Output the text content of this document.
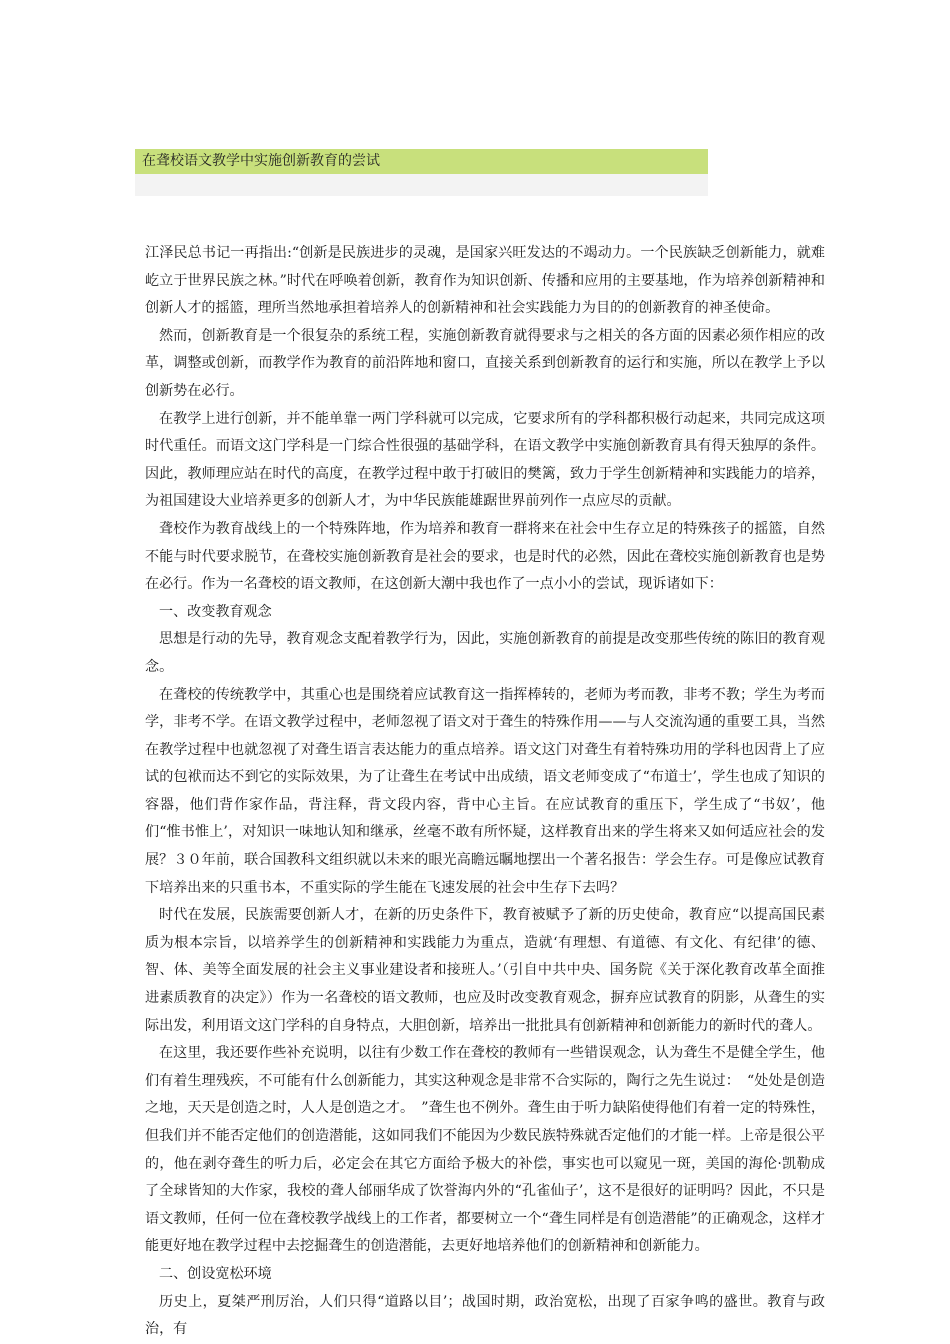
在聋校语文教学中实施创新教育的尝试

江泽民总书记一再指出:“创新是民族进步的灵魂，是国家兴旺发达的不竭动力。一个民族缺乏创新能力，就难屹立于世界民族之林。”时代在呼唤着创新，教育作为知识创新、传播和应用的主要基地，作为培养创新精神和创新人才的摇篮，理所当然地承担着培养人的创新精神和社会实践能力为目的的创新教育的神圣使命。

然而，创新教育是一个很复杂的系统工程，实施创新教育就得要求与之相关的各方面的因素必须作相应的改革，调整或创新，而教学作为教育的前沿阵地和窗口，直接关系到创新教育的运行和实施，所以在教学上予以创新势在必行。

在教学上进行创新，并不能单靠一两门学科就可以完成，它要求所有的学科都积极行动起来，共同完成这项时代重任。而语文这门学科是一门综合性很强的基础学科，在语文教学中实施创新教育具有得天独厚的条件。因此，教师理应站在时代的高度，在教学过程中敢于打破旧的樊篱，致力于学生创新精神和实践能力的培养，为祖国建设大业培养更多的创新人才，为中华民族能雄踞世界前列作一点应尽的贡献。

聋校作为教育战线上的一个特殊阵地，作为培养和教育一群将来在社会中生存立足的特殊孩子的摇篮，自然不能与时代要求脱节，在聋校实施创新教育是社会的要求，也是时代的必然，因此在聋校实施创新教育也是势在必行。作为一名聋校的语文教师，在这创新大潮中我也作了一点小小的尝试，现诉诸如下：

一、改变教育观念

思想是行动的先导，教育观念支配着教学行为，因此，实施创新教育的前提是改变那些传统的陈旧的教育观念。

在聋校的传统教学中，其重心也是围绕着应试教育这一指挥棒转的，老师为考而教，非考不教；学生为考而学，非考不学。在语文教学过程中，老师忽视了语文对于聋生的特殊作用——与人交流沟通的重要工具，当然在教学过程中也就忽视了对聋生语言表达能力的重点培养。语文这门对聋生有着特殊功用的学科也因背上了应试的包袱而达不到它的实际效果，为了让聋生在考试中出成绩，语文老师变成了“布道士’，学生也成了知识的容器，他们背作家作品，背注释，背文段内容，背中心主旨。在应试教育的重压下，学生成了“书奴’，他们“惟书惟上’，对知识一味地认知和继承，丝毫不敢有所怀疑，这样教育出来的学生将来又如何适应社会的发展？３０年前，联合国教科文组织就以未来的眼光高瞻远瞩地摆出一个著名报告：学会生存。可是像应试教育下培养出来的只重书本，不重实际的学生能在飞速发展的社会中生存下去吗？

时代在发展，民族需要创新人才，在新的历史条件下，教育被赋予了新的历史使命，教育应“以提高国民素质为根本宗旨，以培养学生的创新精神和实践能力为重点，造就‘有理想、有道德、有文化、有纪律’的德、智、体、美等全面发展的社会主义事业建设者和接班人。’（引自中共中央、国务院《关于深化教育改革全面推进素质教育的决定》）作为一名聋校的语文教师，也应及时改变教育观念，摒弃应试教育的阴影，从聋生的实际出发，利用语文这门学科的自身特点，大胆创新，培养出一批批具有创新精神和创新能力的新时代的聋人。

在这里，我还要作些补充说明，以往有少数工作在聋校的教师有一些错误观念，认为聋生不是健全学生，他们有着生理残疾，不可能有什么创新能力，其实这种观念是非常不合实际的，陶行之先生说过：　“处处是创造之地，天天是创造之时，人人是创造之才。　”聋生也不例外。聋生由于听力缺陷使得他们有着一定的特殊性，但我们并不能否定他们的创造潜能，这如同我们不能因为少数民族特殊就否定他们的才能一样。上帝是很公平的，他在剥夺聋生的听力后，必定会在其它方面给予极大的补偿，事实也可以窥见一斑，美国的海伦·凯勒成了全球皆知的大作家，我校的聋人邰丽华成了饮誉海内外的“孔雀仙子’，这不是很好的证明吗？因此，不只是语文教师，任何一位在聋校教学战线上的工作者，都要树立一个“聋生同样是有创造潜能”的正确观念，这样才能更好地在教学过程中去挖掘聋生的创造潜能，去更好地培养他们的创新精神和创新能力。

二、创设宽松环境

历史上，夏桀严刑厉治，人们只得“道路以目’；战国时期，政治宽松，出现了百家争鸣的盛世。教育与政治，有
